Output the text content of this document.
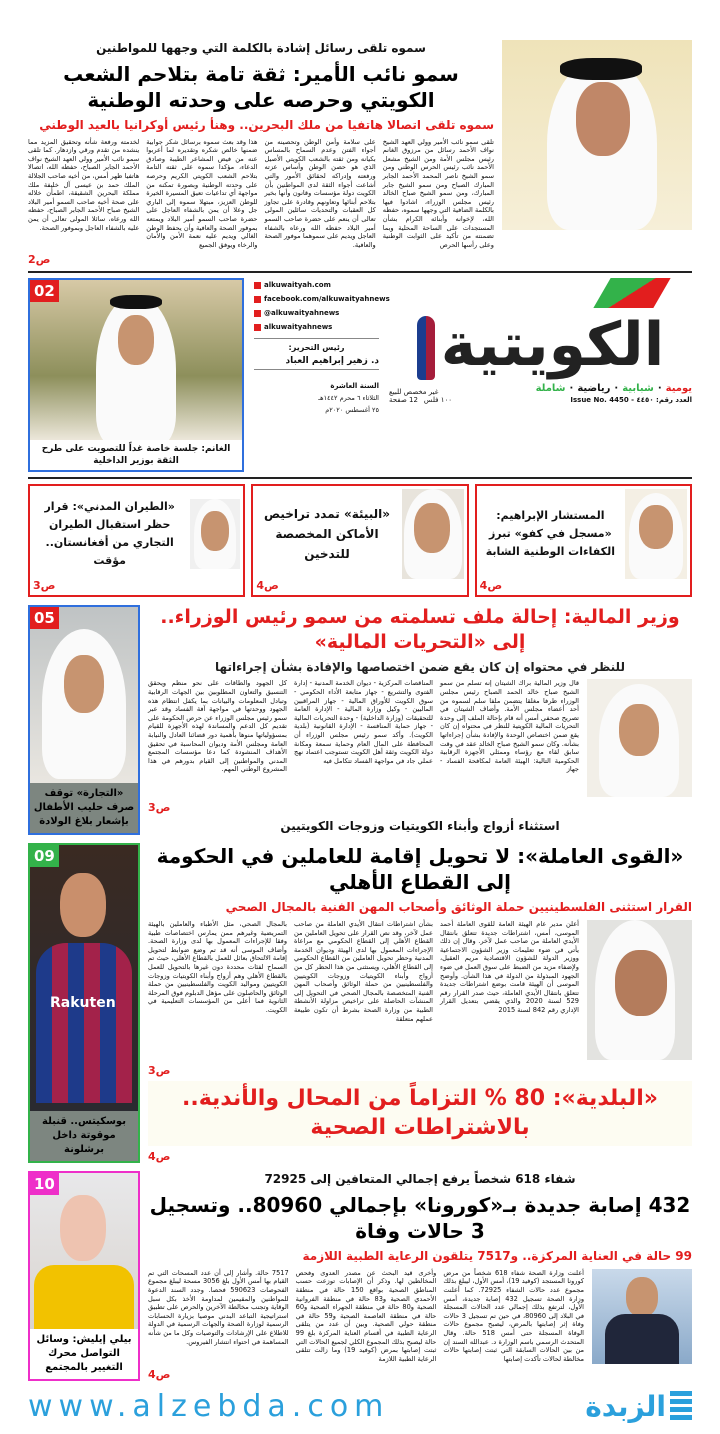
سموه تلقى رسائل إشادة بالكلمة التي وجهها للمواطنين
سمو نائب الأمير: ثقة تامة بتلاحم الشعب الكويتي وحرصه على وحدته الوطنية
سموه تلقى اتصالا هاتفيا من ملك البحرين.. وهنأ رئيس أوكرانيا بالعيد الوطني

تلقى سمو نائب الأمير وولي العهد الشيخ نواف الأحمد رسائل من مرزوق الغانم رئيس مجلس الأمة ومن الشيخ مشعل الأحمد نائب رئيس الحرس الوطني ومن سمو الشيخ ناصر المحمد الأحمد الجابر المبارك الصباح ومن سمو الشيخ جابر المبارك، ومن سمو الشيخ صباح الخالد رئيس مجلس الوزراء، اشادوا فيها بالكلمة الضافية التي وجهها سموه، حفظه الله، لإخوانه وأبنائه الكرام بشأن المستجدات على الساحة المحلية وبما تضمنته من تأكيد على الثوابت الوطنية وعلى رأسها الحرص

على سلامة وأمن الوطن وتحصينه من أجواء الفتن وعدم السماح بالمساس بكيانه ومن ثقته بالشعب الكويتي الأصيل الذي هو حصن الوطن وأساس عزته ورفعته وإدراكه لحقائق الأمور والتي أشاعت أجواء الثقة لدى المواطنين بأن الكويت دولة مؤسسات وقانون وأنها بخير بتلاحم أبنائها وتعاونهم وقادرة على تجاوز كل العقبات والتحديات سائلين المولى تعالى أن ينعم على حضرة صاحب السمو أمير البلاد حفظه الله ورعاه بالشفاء العاجل ويديم على سموهما موفور الصحة والعافية.

هذا وقد بعث سموه برسائل شكر جوابية ضمنها خالص شكره وتقديره لما أعربوا عنه من فيض المشاعر الطيبة وصادق الدعاء، مؤكدا سموه على ثقته التامة بتلاحم الشعب الكويتي الكريم وحرصه على وحدته الوطنية وبصورة تمكنه من مواجهة أي تداعيات تعيق المسيرة الخيرة للوطن العزيز، مبتهلا سموه إلى الباري جل وعلا أن يمن بالشفاء العاجل على حضرة صاحب السمو أمير البلاد ويمتعه بموفور الصحة والعافية وأن يحفظ الوطن الغالي ويديم عليه نعمة الأمن والأمان والرخاء ويوفق الجميع

لخدمته ورفعة شأنه وتحقيق المزيد مما ينشده من تقدم ورقي وازدهار. كما تلقى سمو نائب الأمير وولي العهد الشيخ نواف الأحمد الجابر الصباح، حفظه الله، اتصالا هاتفيا ظهر أمس، من أخيه صاحب الجلالة الملك حمد بن عيسى آل خليفة ملك مملكة البحرين الشقيقة، اطمأن خلاله على صحة أخيه صاحب السمو أمير البلاد الشيخ صباح الأحمد الجابر الصباح، حفظه الله ورعاه، سائلا المولى تعالى أن يمن عليه بالشفاء العاجل وبموفور الصحة.

ص2
الكويتية
يومية
·
شبابية
·
رياضية
·
شاملة
العدد رقم: ٤٤٥٠ - Issue No. 4450
غير مخصص للبيع
١٠٠ فلس
12 صفحة
alkuwaityah.com
facebook.com/alkuwaityahnews
@alkuwaityahnews
alkuwaityahnews
رئيس التحرير:
د. زهير إبراهيم العباد
السنة العاشرة
الثلاثاء ٦ محرم ١٤٤٢هـ
٢٥ أغسطس ٢٠٢٠م
02
الغانم: جلسة خاصة غداً للتصويت على طرح الثقة بوزير الداخلية
المستشار الإبراهيم: «مسجل في كفو» تبرز الكفاءات الوطنية الشابة
ص4
«البيئة» تمدد تراخيص الأماكن المخصصة للتدخين
ص4
«الطيران المدني»: قرار حظر استقبال الطيران التجاري من أفغانستان.. مؤقت
ص3
وزير المالية: إحالة ملف تسلمته من سمو رئيس الوزراء.. إلى «التحريات المالية»
للنظر في محتواه إن كان يقع ضمن اختصاصها والإفادة بشأن إجراءاتها

قال وزير المالية براك الشيتان إنه تسلم من سمو الشيخ صباح خالد الحمد الصباح رئيس مجلس الوزراء ظرفا مغلقا يتضمن ملفا سلم لسموه من أحد أعضاء مجلس الأمة. وأضاف الشيتان في تصريح صحفي أمس أنه قام بإحالة الملف إلى وحدة التحريات المالية الكويتية للنظر في محتواه إن كان يقع ضمن اختصاص الوحدة والإفادة بشأن إجراءاتها بشأنه. وكان سمو الشيخ صباح الخالد عقد في وقت سابق لقاء مع رؤساء وممثلي الأجهزة الرقابية الحكومية التالية: الهيئة العامة لمكافحة الفساد - جهاز

المناقصات المركزية - ديوان الخدمة المدنية - إدارة الفتوى والتشريع - جهاز متابعة الأداء الحكومي - سوق الكويت للأوراق المالية - جهاز المراقبين الماليين - وكيل وزارة المالية - الإدارة العامة للتحقيقات (وزارة الداخلية) - وحدة التحريات المالية - جهاز حماية المنافسة - الإدارة القانونية (بلدية الكويت). وأكد سمو رئيس مجلس الوزراء أن المحافظة على المال العام وحماية سمعة ومكانة دولة الكويت وثقة أهل الكويت تستوجب اعتماد نهج عملي جاد في مواجهة الفساد تتكامل فيه

كل الجهود والطاقات على نحو منظم ويحقق التنسيق والتعاون المطلوبين بين الجهات الرقابية وتبادل المعلومات والبيانات بما يكفل انتظام هذه الجهود ووحدتها في مواجهة آفة الفساد وقد عبر سمو رئيس مجلس الوزراء عن حرص الحكومة على تقديم كل الدعم والمساندة لهذه الأجهزة للقيام بمسؤولياتها منوها بأهمية دور قضائنا العادل والنيابة العامة ومجلس الأمة وديوان المحاسبة في تحقيق الأهداف المنشودة كما دعا مؤسسات المجتمع المدني والمواطنين إلى القيام بدورهم في هذا المشروع الوطني المهم.

ص3
استثناء أزواج وأبناء الكويتيات وزوجات الكويتيين
05
«التجارة» توقف صرف حليب الأطفال بإشعار بلاغ الولادة
«القوى العاملة»: لا تحويل إقامة للعاملين في الحكومة إلى القطاع الأهلي
القرار استثنى الفلسطينيين حملة الوثائق وأصحاب المهن الفنية بالمجال الصحي

أعلن مدير عام الهيئة العامة للقوى العاملة أحمد الموسى، أمس، اشتراطات جديدة تتعلق بانتقال الأيدي العاملة من صاحب عمل لآخر. وقال إن ذلك يأتي في ضوء تعليمات وزير الشؤون الاجتماعية ووزير الدولة للشؤون الاقتصادية مريم العقيل، ولإضفاء مزيد من الضبط على سوق العمل في ضوء الجهود المبذولة من الدولة في هذا الشأن. وأوضح الموسى أن الهيئة قامت بوضع اشتراطات جديدة تتعلق بانتقال الأيدي العاملة، حيث صدر القرار رقم 529 لسنة 2020 والذي يقضي بتعديل القرار الإداري رقم 842 لسنة 2015

بشأن اشتراطات انتقال الأيدي العاملة من صاحب عمل لآخر، وقد نص القرار على تحويل العاملين من القطاع الأهلي إلى القطاع الحكومي مع مراعاة الإجراءات المعمول بها لدى الهيئة وديوان الخدمة المدنية وحظر تحويل العاملين من القطاع الحكومي إلى القطاع الأهلي، ويستثنى من هذا الحظر كل من أزواج وأبناء الكويتيات وزوجات الكويتيين والفلسطينيين من حملة الوثائق وأصحاب المهن الفنية المتخصصة بالمجال الصحي في التحويل إلى المنشآت الحاصلة على تراخيص مزاولة الأنشطة الطبية من وزارة الصحة بشرط أن تكون طبيعة عملهم متعلقة

بالمجال الصحي، مثل الأطباء والعاملين بالهيئة التمريضية وغيرهم ممن يمارس اختصاصات طبية وفقا للإجراءات المعمول بها لدى وزارة الصحة. وأضاف الموسى أنه قد تم وضع ضوابط لتحويل إقامة الالتحاق بعائل للعمل بالقطاع الأهلي، حيث تم السماح لفئات محددة دون غيرها بالتحويل للعمل بالقطاع الأهلي وهم أزواج وأبناء الكويتيات وزوجات الكويتيين ومواليد الكويت والفلسطينيين من حملة الوثائق والحاصلون على مؤهل الدبلوم فوق المرحلة الثانوية فما أعلى من المؤسسات التعليمية في الكويت.

ص3
«البلدية»: 80 % التزاماً من المحال والأندية.. بالاشتراطات الصحية
ص4
09
Rakuten
بوسكيتس.. قنبلة موقوتة داخل برشلونة
شفاء 618 شخصاً يرفع إجمالي المتعافين إلى 72925
432 إصابة جديدة بـ«كورونا» بإجمالي 80960.. وتسجيل 3 حالات وفاة
99 حالة في العناية المركزة.. و7517 يتلقون الرعاية الطبية اللازمة

أعلنت وزارة الصحة شفاء 618 شخصاً من مرض كورونا المستجد (كوفيد 19)، أمس الأول، ليبلغ بذلك مجموع عدد حالات الشفاء 72925. كما أعلنت وزارة الصحة تسجيل 432 إصابة جديدة، أمس الأول، لترتفع بذلك إجمالي عدد الحالات المسجلة في البلاد إلى 80960، في حين تم تسجيل 3 حالات وفاة إثر إصابتها بالمرض، ليصبح مجموع حالات الوفاة المسجلة حتى أمس 518 حالة. وقال المتحدث الرسمي باسم الوزارة د. عبدالله السند إن من بين الحالات السابقة التي ثبتت إصابتها حالات مخالطة لحالات تأكدت إصابتها

وأخرى قيد البحث عن مصدر العدوى وفحص المخالطين لها. وذكر أن الإصابات توزعت حسب المناطق الصحية بواقع 150 حالة في منطقة الأحمدي الصحية و83 حالة في منطقة الفروانية الصحية و80 حالة في منطقة الجهراء الصحية و60 حالة في منطقة العاصمة الصحية و59 حالة في منطقة حولي الصحية. وبين أن عدد من يتلقى الرعاية الطبية في أقسام العناية المركزة بلغ 99 حالة ليصبح بذلك المجموع الكلي لجميع الحالات التي ثبتت إصابتها بمرض (كوفيد 19) وما زالت تتلقى الرعاية الطبية اللازمة

7517 حالة. وأشار إلى أن عدد المسحات التي تم القيام بها أمس الأول بلغ 3056 مسحة ليبلغ مجموع الفحوصات 590623 فحصا. وجدد السند الدعوة للمواطنين والمقيمين لمداومة الأخذ بكل سبل الوقاية وتجنب مخالطة الآخرين والحرص على تطبيق استراتيجية التباعد البدني موصيا بزيارة الحسابات الرسمية لوزارة الصحة والجهات الرسمية في الدولة للاطلاع على الإرشادات والتوصيات وكل ما من شأنه المساهمة في احتواء انتشار الفيروس.

ص4
10
بيلي إيليش: وسائل التواصل محرك التغيير بالمجتمع
الزبدة
www.alzebda.com
